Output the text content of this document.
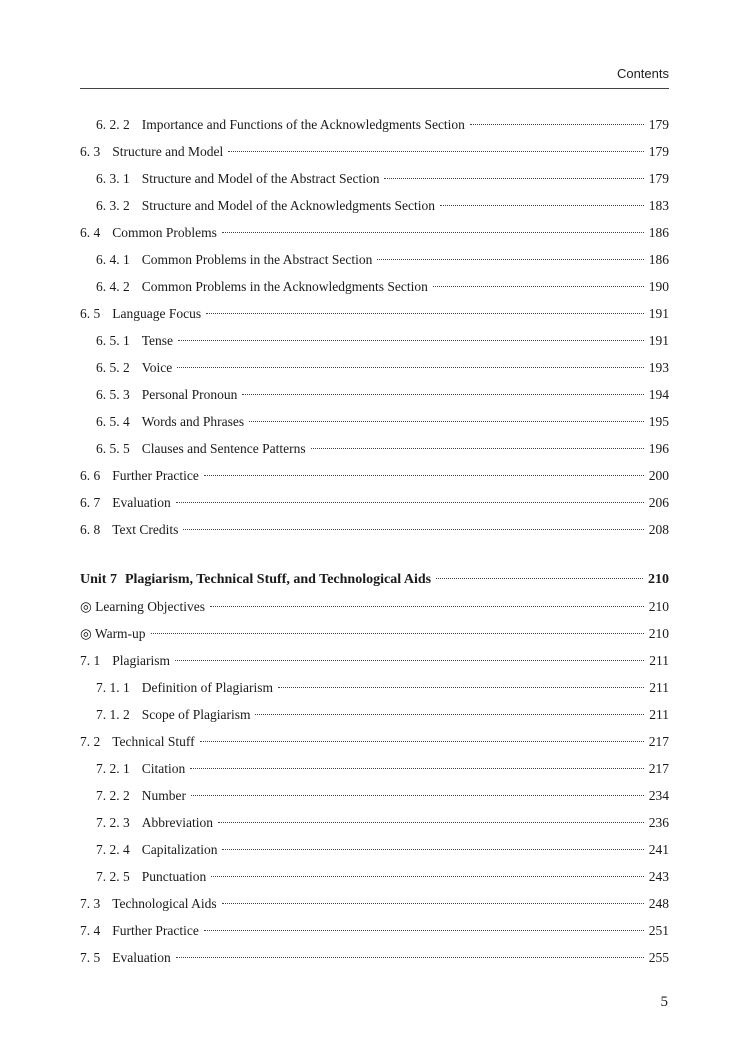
Contents
6. 2. 2 Importance and Functions of the Acknowledgments Section	179
6. 3 Structure and Model	179
6. 3. 1 Structure and Model of the Abstract Section	179
6. 3. 2 Structure and Model of the Acknowledgments Section	183
6. 4 Common Problems	186
6. 4. 1 Common Problems in the Abstract Section	186
6. 4. 2 Common Problems in the Acknowledgments Section	190
6. 5 Language Focus	191
6. 5. 1 Tense	191
6. 5. 2 Voice	193
6. 5. 3 Personal Pronoun	194
6. 5. 4 Words and Phrases	195
6. 5. 5 Clauses and Sentence Patterns	196
6. 6 Further Practice	200
6. 7 Evaluation	206
6. 8 Text Credits	208
Unit 7 Plagiarism, Technical Stuff, and Technological Aids	210
◎ Learning Objectives	210
◎ Warm-up	210
7. 1 Plagiarism	211
7. 1. 1 Definition of Plagiarism	211
7. 1. 2 Scope of Plagiarism	211
7. 2 Technical Stuff	217
7. 2. 1 Citation	217
7. 2. 2 Number	234
7. 2. 3 Abbreviation	236
7. 2. 4 Capitalization	241
7. 2. 5 Punctuation	243
7. 3 Technological Aids	248
7. 4 Further Practice	251
7. 5 Evaluation	255
5
